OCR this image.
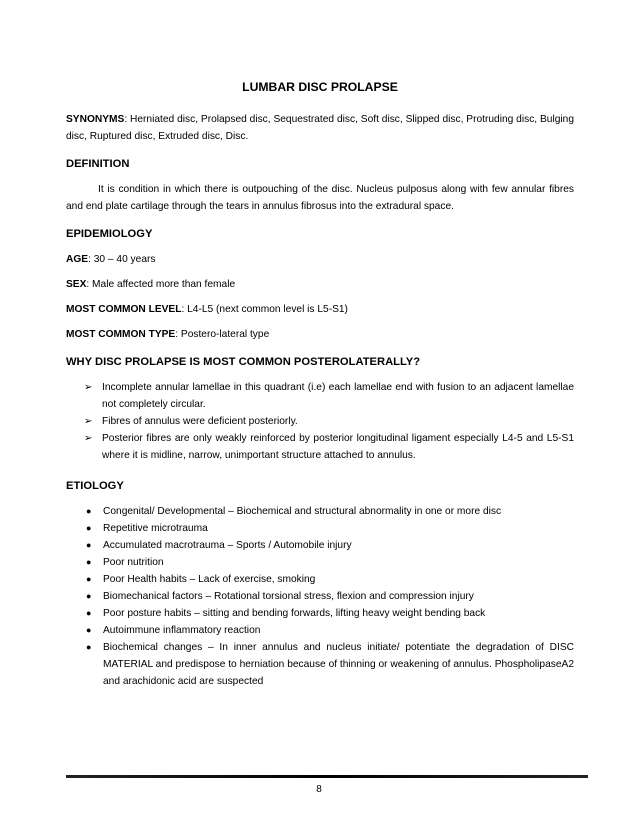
LUMBAR DISC PROLAPSE

SYNONYMS: Herniated disc, Prolapsed disc, Sequestrated disc, Soft disc, Slipped disc, Protruding disc, Bulging disc, Ruptured disc, Extruded disc, Disc.

DEFINITION

It is condition in which there is outpouching of the disc. Nucleus pulposus along with few annular fibres and end plate cartilage through the tears in annulus fibrosus into the extradural space.

EPIDEMIOLOGY

AGE: 30 – 40 years

SEX: Male affected more than female

MOST COMMON LEVEL: L4-L5 (next common level is L5-S1)

MOST COMMON TYPE: Postero-lateral type

WHY DISC PROLAPSE IS MOST COMMON POSTEROLATERALLY?
➢ Incomplete annular lamellae in this quadrant (i.e) each lamellae end with fusion to an adjacent lamellae not completely circular.
➢ Fibres of annulus were deficient posteriorly.
➢ Posterior fibres are only weakly reinforced by posterior longitudinal ligament especially L4-5 and L5-S1 where it is midline, narrow, unimportant structure attached to annulus.
ETIOLOGY
● Congenital/ Developmental – Biochemical and structural abnormality in one or more disc
● Repetitive microtrauma
● Accumulated macrotrauma – Sports / Automobile injury
● Poor nutrition
● Poor Health habits – Lack of exercise, smoking
● Biomechanical factors – Rotational torsional stress, flexion and compression injury
● Poor posture habits – sitting and bending forwards, lifting heavy weight bending back
● Autoimmune inflammatory reaction
● Biochemical changes – In inner annulus and nucleus initiate/ potentiate the degradation of DISC MATERIAL and predispose to herniation because of thinning or weakening of annulus. PhospholipaseA2 and arachidonic acid are suspected
8
